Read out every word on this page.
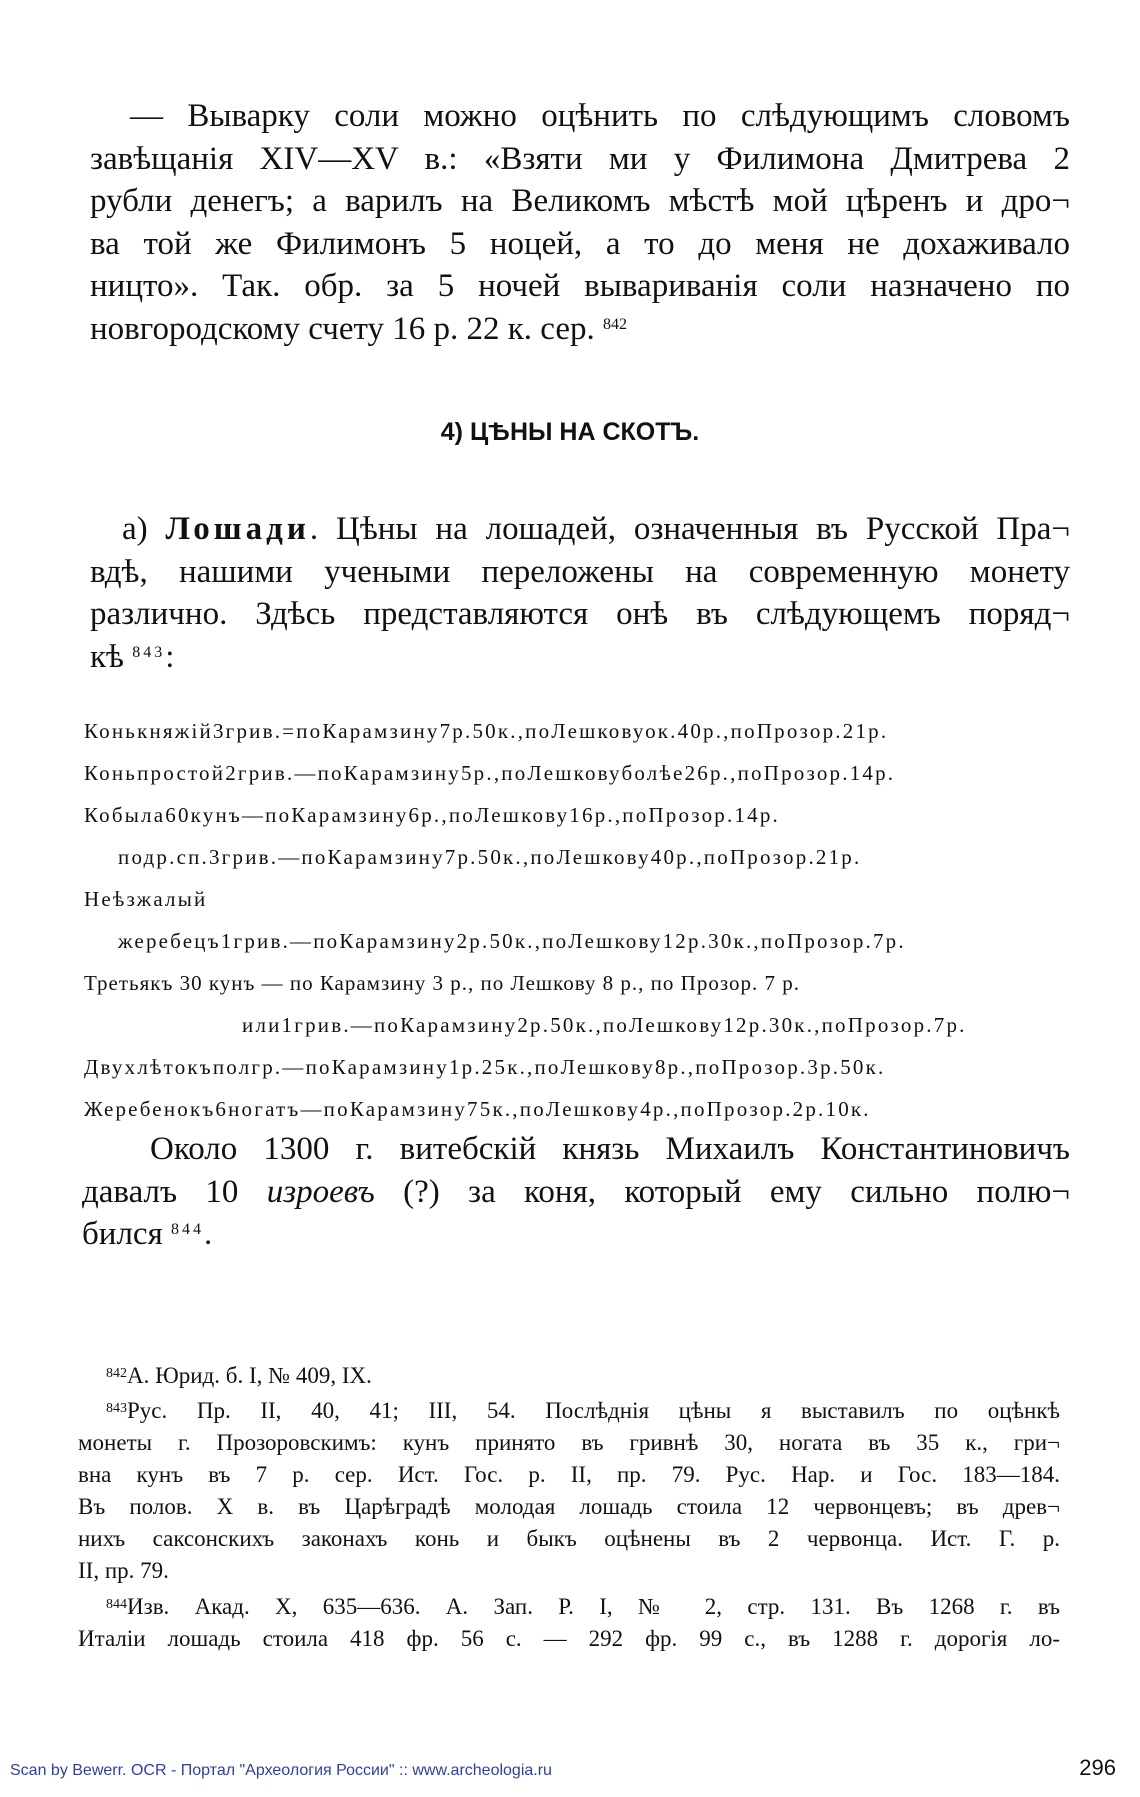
— Выварку соли можно оцѣнить по слѣдующимъ словомъ
завѣщанія XIV—XV в.: «Взяти ми у Филимона Дмитрева 2
рубли денегъ; а варилъ на Великомъ мѣстѣ мой цѣренъ и дро¬
ва той же Филимонъ 5 ноцей, а то до меня не дохаживало
ницто». Так. обр. за 5 ночей вывариванія соли назначено по
новгородскому счету 16 р. 22 к. сер. $^{842}$
4) ЦѢНЫ НА СКОТЪ.
а) Лошади. Цѣны на лошадей, означенныя въ Русской Пра¬
вдѣ, нашими учеными переложены на современную монету
различно. Здѣсь представляются онѣ въ слѣдующемъ поряд¬
кѣ $^{843}$:
Конькняжій3грив.=поКарамзину7р.50к.,поЛешковуок.40р.,поПрозор.21р.
Коньпростой2грив.—поКарамзину5р.,поЛешковуболѣе26р.,поПрозор.14р.
Кобыла60кунъ—поКарамзину6р.,поЛешкову16р.,поПрозор.14р.
подр.сп.3грив.—поКарамзину7р.50к.,поЛешкову40р.,поПрозор.21р.
Неѣзжалый
жеребецъ1грив.—поКарамзину2р.50к.,поЛешкову12р.30к.,поПрозор.7р.
Третьякъ 30 кунъ — по Карамзину 3 р., по Лешкову 8 р., по Прозор. 7 р.
или1грив.—поКарамзину2р.50к.,поЛешкову12р.30к.,поПрозор.7р.
Двухлѣтокъполгр.—поКарамзину1р.25к.,поЛешкову8р.,поПрозор.3р.50к.
Жеребенокъ6ногатъ—поКарамзину75к.,поЛешкову4р.,поПрозор.2р.10к.
Около 1300 г. витебскій князь Михаилъ Константиновичъ
давалъ 10 изроевъ (?) за коня, который ему сильно полю¬
бился $^{844}$.
$^{842}$А. Юрид. б. I, № 409, IX.
$^{843}$Рус. Пр. II, 40, 41; III, 54. Послѣднія цѣны я выставилъ по оцѣнкѣ
монеты г. Прозоровскимъ: кунъ принято въ гривнѣ 30, ногата въ 35 к., гри¬
вна кунъ въ 7 р. сер. Ист. Гос. р. II, пр. 79. Рус. Нар. и Гос. 183—184.
Въ полов. X в. въ Царѣградѣ молодая лошадь стоила 12 червонцевъ; въ древ¬
нихъ саксонскихъ законахъ конь и быкъ оцѣнены въ 2 червонца. Ист. Г. р.
II, пр. 79.
$^{844}$Изв. Акад. X, 635—636. А. Зап. Р. I, № 2, стр. 131. Въ 1268 г. въ
Италіи лошадь стоила 418 фр. 56 с. — 292 фр. 99 с., въ 1288 г. дорогія ло-
Scan by Bewerr. OCR - Портал "Археология России" :: www.archeologia.ru	296
